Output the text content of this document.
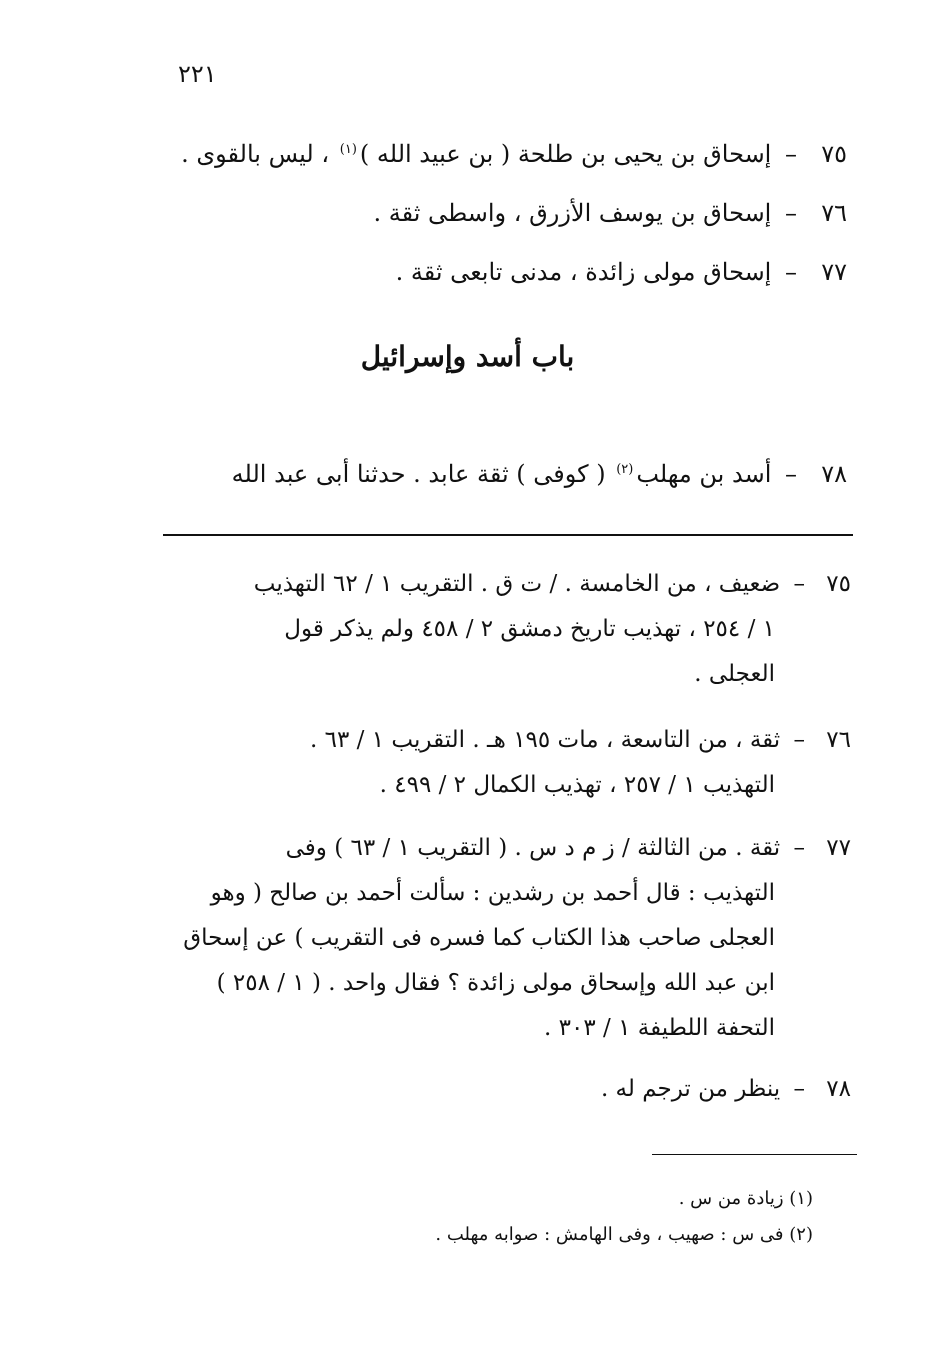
٢٢١
٧٥– إسحاق بن يحيى بن طلحة ( بن عبيد الله )$^{(١)}$ ، ليس بالقوى .
٧٦– إسحاق بن يوسف الأزرق ، واسطى ثقة .
٧٧– إسحاق مولى زائدة ، مدنى تابعى ثقة .
باب أسد وإسرائيل
٧٨– أسد بن مهلب$^{(٢)}$ ( كوفى ) ثقة عابد . حدثنا أبى عبد الله
٧٥– ضعيف ، من الخامسة . / ت ق . التقريب ١ / ٦٢ التهذيب
١ / ٢٥٤ ، تهذيب تاريخ دمشق ٢ / ٤٥٨ ولم يذكر قول
العجلى .
٧٦– ثقة ، من التاسعة ، مات ١٩٥ هـ . التقريب ١ / ٦٣ .
التهذيب ١ / ٢٥٧ ، تهذيب الكمال ٢ / ٤٩٩ .
٧٧– ثقة . من الثالثة / ز م د س . ( التقريب ١ / ٦٣ ) وفى
التهذيب : قال أحمد بن رشدين : سألت أحمد بن صالح ( وهو
العجلى صاحب هذا الكتاب كما فسره فى التقريب ) عن إسحاق
ابن عبد الله وإسحاق مولى زائدة ؟ فقال واحد . ( ١ / ٢٥٨ )
التحفة اللطيفة ١ / ٣٠٣ .
٧٨– ينظر من ترجم له .
(١) زيادة من س .
(٢) فى س : صهيب ، وفى الهامش : صوابه مهلب .
